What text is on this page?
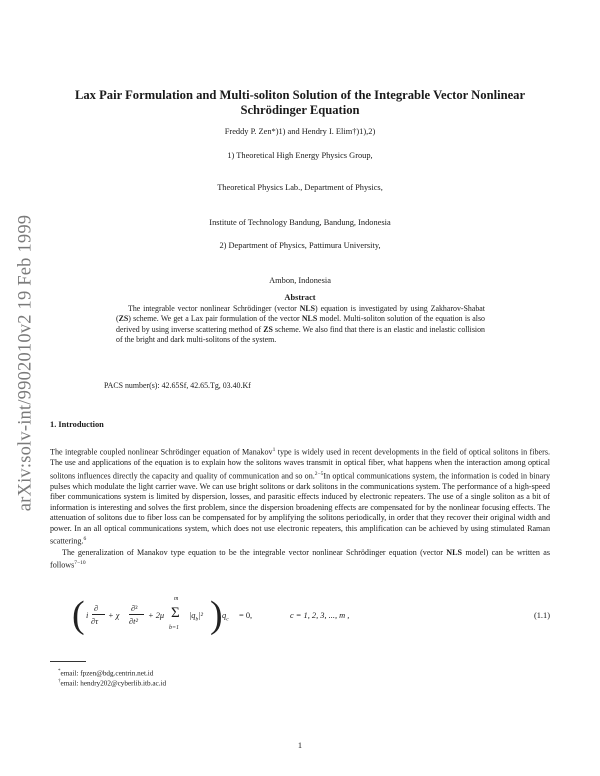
arXiv:solv-int/9902010v2 19 Feb 1999
Lax Pair Formulation and Multi-soliton Solution of the Integrable Vector Nonlinear
Schrödinger Equation
Freddy P. Zen*)1) and Hendry I. Elim†)1),2)
1) Theoretical High Energy Physics Group,
Theoretical Physics Lab., Department of Physics,
Institute of Technology Bandung, Bandung, Indonesia
2) Department of Physics, Pattimura University,
Ambon, Indonesia
Abstract
The integrable vector nonlinear Schrödinger (vector NLS) equation is investigated by using Zakharov-Shabat (ZS) scheme. We get a Lax pair formulation of the vector NLS model. Multi-soliton solution of the equation is also derived by using inverse scattering method of ZS scheme. We also find that there is an elastic and inelastic collision of the bright and dark multi-solitons of the system.
PACS number(s): 42.65Sf, 42.65.Tg, 03.40.Kf
1. Introduction

The integrable coupled nonlinear Schrödinger equation of Manakov$^1$ type is widely used in recent developments in the field of optical solitons in fibers. The use and applications of the equation is to explain how the solitons waves transmit in optical fiber, what happens when the interaction among optical solitons influences directly the capacity and quality of communication and so on.$^{2-5}$In optical communications system, the information is coded in binary pulses which modulate the light carrier wave. We can use bright solitons or dark solitons in the communications system. The performance of a high-speed fiber communications system is limited by dispersion, losses, and parasitic effects induced by electronic repeaters. The use of a single soliton as a bit of information is interesting and solves the first problem, since the dispersion broadening effects are compensated for by the nonlinear focusing effects. The attenuation of solitons due to fiber loss can be compensated for by amplifying the solitons periodically, in order that they recover their original width and power. In an all optical communications system, which does not use electronic repeaters, this amplification can be achieved by using stimulated Raman scattering.$^6$

The generalization of Manakov type equation to be the integrable vector nonlinear Schrödinger equation (vector NLS model) can be written as follows$^{7-10}$

( i
∂
∂τ
+ χ
∂²
∂t²
+ 2μ
m
Σ
b=1
$|q_b|^2$ ) $q_c = 0$,	c = 1, 2, 3, ..., m ,	(1.1)
*email: fpzen@bdg.centrin.net.id
†email: hendry202@cyberlib.itb.ac.id
1
